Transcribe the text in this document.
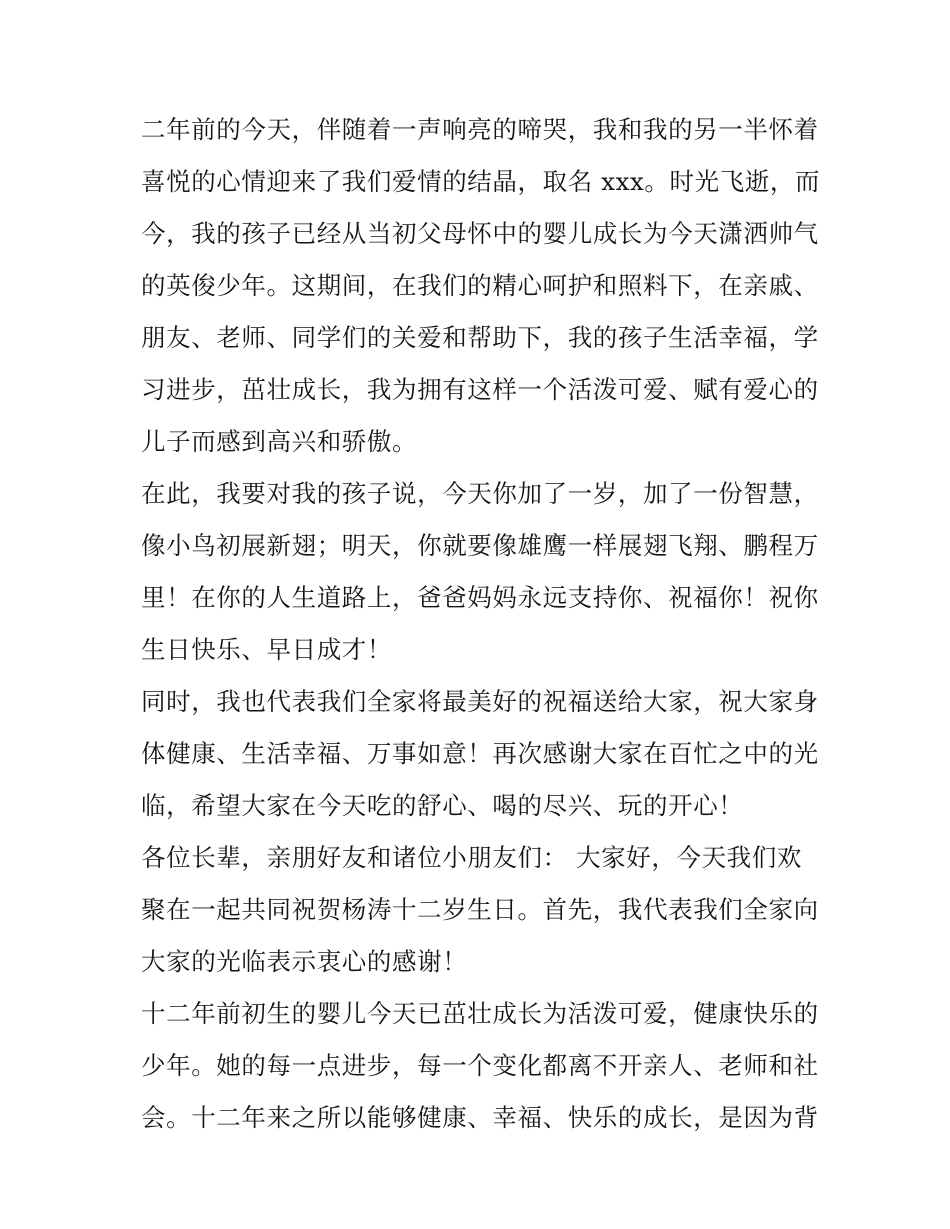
二年前的今天，伴随着一声响亮的啼哭，我和我的另一半怀着
喜悦的心情迎来了我们爱情的结晶，取名 xxx。时光飞逝，而
今，我的孩子已经从当初父母怀中的婴儿成长为今天潇洒帅气
的英俊少年。这期间，在我们的精心呵护和照料下，在亲戚、
朋友、老师、同学们的关爱和帮助下，我的孩子生活幸福，学
习进步，茁壮成长，我为拥有这样一个活泼可爱、赋有爱心的
儿子而感到高兴和骄傲。
在此，我要对我的孩子说，今天你加了一岁，加了一份智慧，
像小鸟初展新翅；明天，你就要像雄鹰一样展翅飞翔、鹏程万
里！在你的人生道路上，爸爸妈妈永远支持你、祝福你！祝你
生日快乐、早日成才！
同时，我也代表我们全家将最美好的祝福送给大家，祝大家身
体健康、生活幸福、万事如意！再次感谢大家在百忙之中的光
临，希望大家在今天吃的舒心、喝的尽兴、玩的开心！
各位长辈，亲朋好友和诸位小朋友们： 大家好，今天我们欢
聚在一起共同祝贺杨涛十二岁生日。首先，我代表我们全家向
大家的光临表示衷心的感谢！
十二年前初生的婴儿今天已茁壮成长为活泼可爱，健康快乐的
少年。她的每一点进步，每一个变化都离不开亲人、老师和社
会。十二年来之所以能够健康、幸福、快乐的成长，是因为背
